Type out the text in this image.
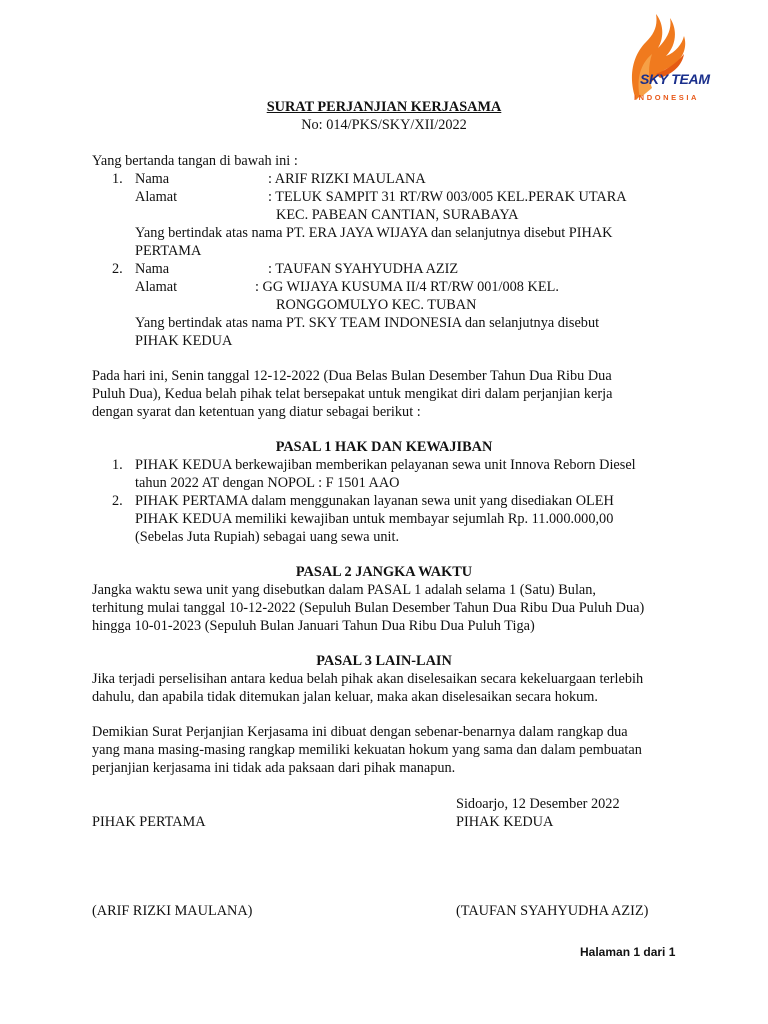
SKY TEAM
INDONESIA
SURAT PERJANJIAN KERJASAMA
No: 014/PKS/SKY/XII/2022
Yang bertanda tangan di bawah ini :
1. Nama	: ARIF RIZKI MAULANA
Alamat	: TELUK SAMPIT 31 RT/RW 003/005 KEL.PERAK UTARA
KEC. PABEAN CANTIAN, SURABAYA
Yang bertindak atas nama PT. ERA JAYA WIJAYA dan selanjutnya disebut PIHAK
PERTAMA
2. Nama	: TAUFAN SYAHYUDHA AZIZ
Alamat	: GG WIJAYA KUSUMA II/4 RT/RW 001/008 KEL.
RONGGOMULYO KEC. TUBAN
Yang bertindak atas nama PT. SKY TEAM INDONESIA dan selanjutnya disebut
PIHAK KEDUA
Pada hari ini, Senin tanggal 12-12-2022 (Dua Belas Bulan Desember Tahun Dua Ribu Dua
Puluh Dua), Kedua belah pihak telat bersepakat untuk mengikat diri dalam perjanjian kerja
dengan syarat dan ketentuan yang diatur sebagai berikut :
PASAL 1 HAK DAN KEWAJIBAN
1. PIHAK KEDUA berkewajiban memberikan pelayanan sewa unit Innova Reborn Diesel
tahun 2022 AT dengan NOPOL : F 1501 AAO
2. PIHAK PERTAMA dalam menggunakan layanan sewa unit yang disediakan OLEH
PIHAK KEDUA memiliki kewajiban untuk membayar sejumlah Rp. 11.000.000,00
(Sebelas Juta Rupiah) sebagai uang sewa unit.
PASAL 2 JANGKA WAKTU
Jangka waktu sewa unit yang disebutkan dalam PASAL 1 adalah selama 1 (Satu) Bulan,
terhitung mulai tanggal 10-12-2022 (Sepuluh Bulan Desember Tahun Dua Ribu Dua Puluh Dua)
hingga 10-01-2023 (Sepuluh Bulan Januari Tahun Dua Ribu Dua Puluh Tiga)
PASAL 3 LAIN-LAIN
Jika terjadi perselisihan antara kedua belah pihak akan diselesaikan secara kekeluargaan terlebih
dahulu, dan apabila tidak ditemukan jalan keluar, maka akan diselesaikan secara hokum.
Demikian Surat Perjanjian Kerjasama ini dibuat dengan sebenar-benarnya dalam rangkap dua
yang mana masing-masing rangkap memiliki kekuatan hokum yang sama dan dalam pembuatan
perjanjian kerjasama ini tidak ada paksaan dari pihak manapun.
Sidoarjo, 12 Desember 2022
PIHAK PERTAMA	PIHAK KEDUA
(ARIF RIZKI MAULANA)	(TAUFAN SYAHYUDHA AZIZ)
Halaman 1 dari 1
